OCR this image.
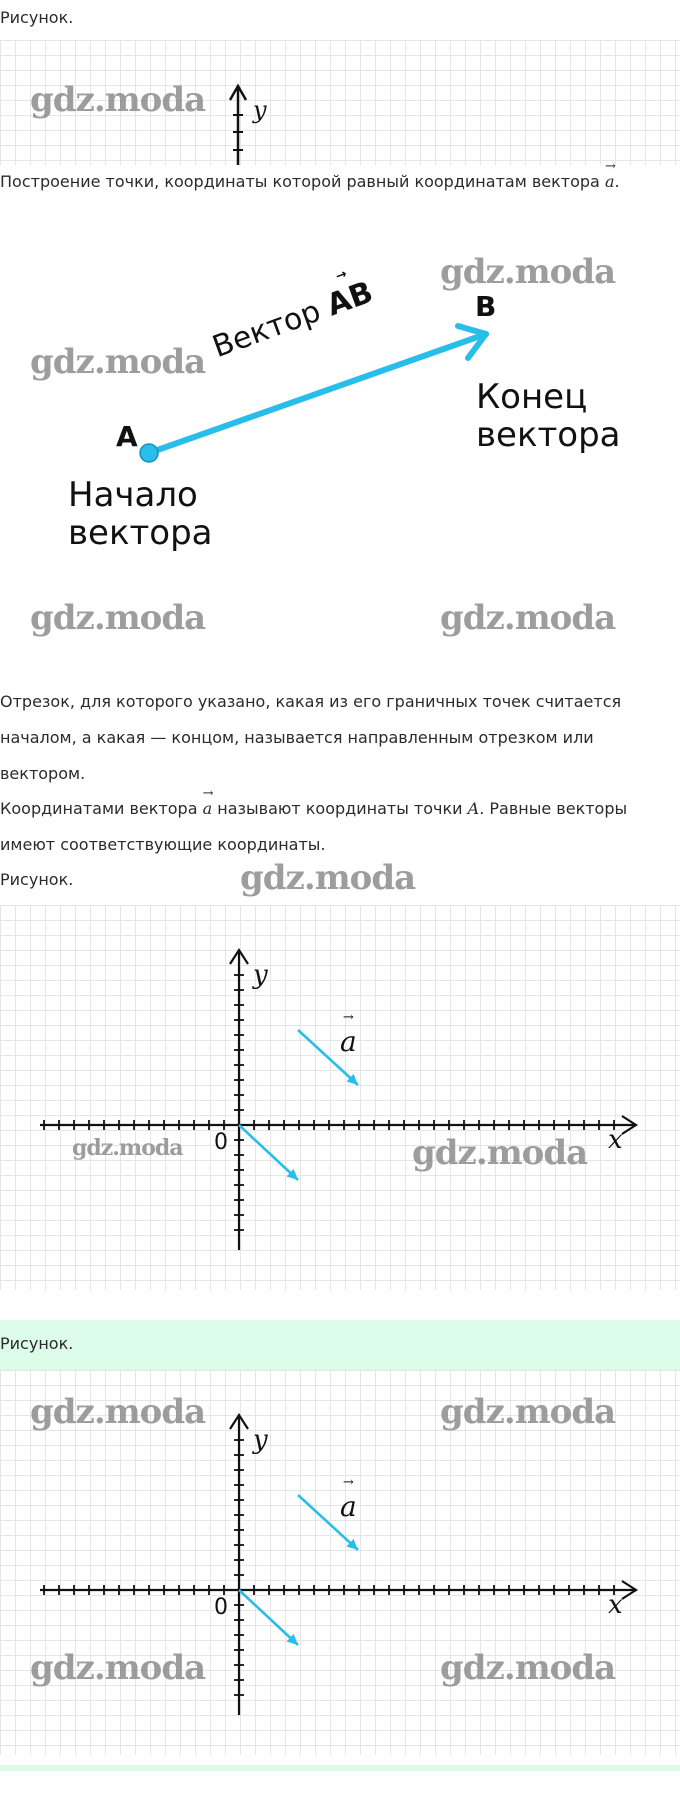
Рисунок.
gdz.moda y
Построение точки, координаты которой равный координатам вектора → a.
gdz.moda
gdz.moda
gdz.moda	gdz.moda
A
B
Вектор → AB
Конец
вектора
Начало
вектора
Отрезок, для которого указано, какая из его граничных точек считается началом, а какая — концом, называется направленным отрезком или вектором.
Координатами вектора → a называют координаты точки A. Равные векторы имеют соответствующие координаты.
Рисунок.	gdz.moda
y
x
0
→ a
gdz.moda	gdz.moda
Рисунок.
y
x
0
→ a
gdz.moda	gdz.moda
gdz.moda	gdz.moda
